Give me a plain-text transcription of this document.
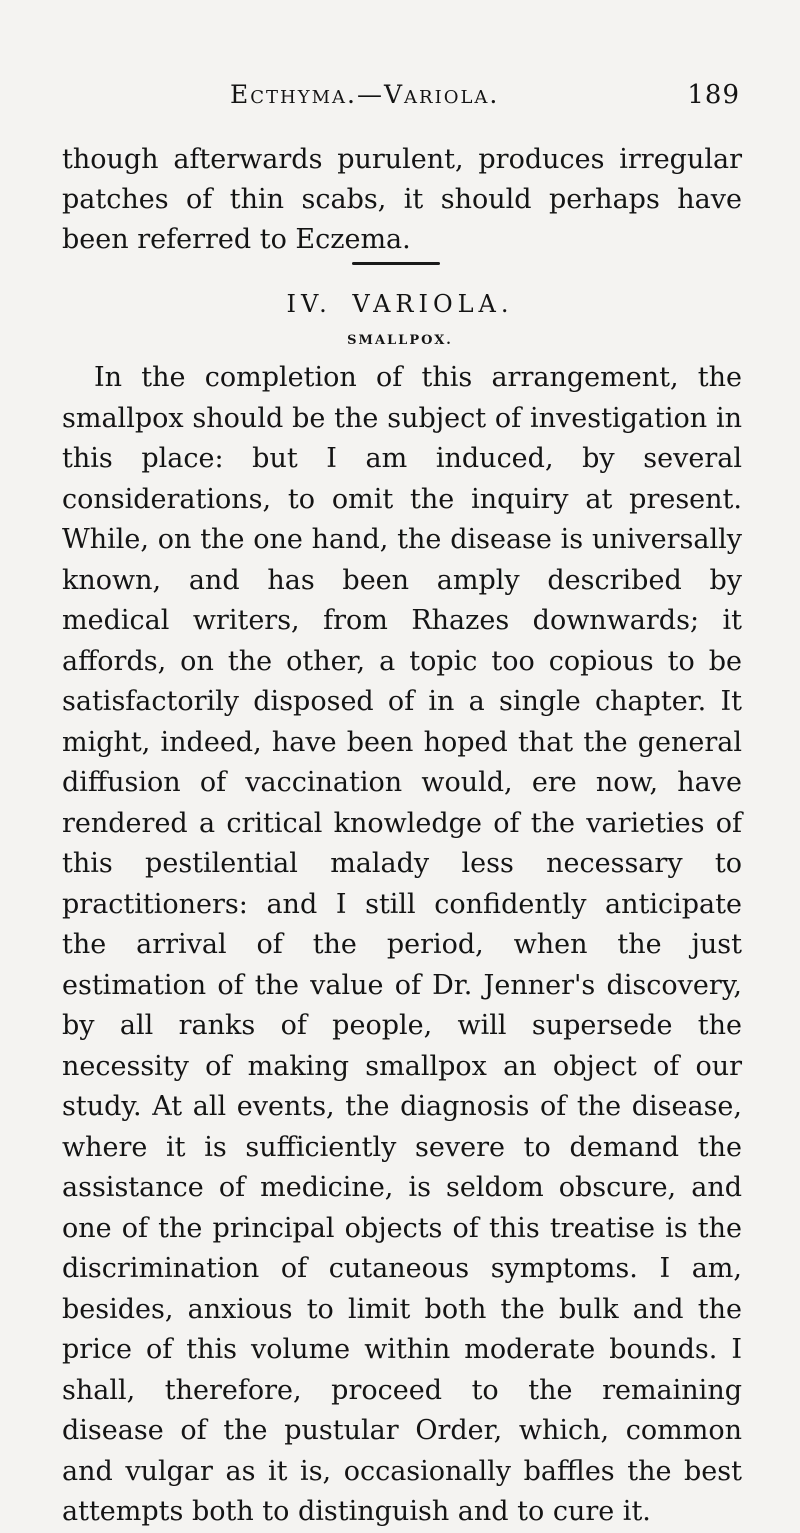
Ecthyma.—Variola.	189

though afterwards purulent, produces irregular patches of thin scabs, it should perhaps have been referred to Eczema.

IV. VARIOLA.
SMALLPOX.

In the completion of this arrangement, the smallpox should be the subject of investigation in this place: but I am induced, by several considerations, to omit the inquiry at present. While, on the one hand, the disease is universally known, and has been amply described by medical writers, from Rhazes downwards; it affords, on the other, a topic too copious to be satisfactorily disposed of in a single chapter. It might, indeed, have been hoped that the general diffusion of vaccination would, ere now, have rendered a critical knowledge of the varieties of this pestilential malady less necessary to practitioners: and I still confidently anticipate the arrival of the period, when the just estimation of the value of Dr. Jenner's discovery, by all ranks of people, will supersede the necessity of making smallpox an object of our study. At all events, the diagnosis of the disease, where it is sufficiently severe to demand the assistance of medicine, is seldom obscure, and one of the principal objects of this treatise is the discrimination of cutaneous symptoms. I am, besides, anxious to limit both the bulk and the price of this volume within moderate bounds. I shall, therefore, proceed to the remaining disease of the pustular Order, which, common and vulgar as it is, occasionally baffles the best attempts both to distinguish and to cure it.
